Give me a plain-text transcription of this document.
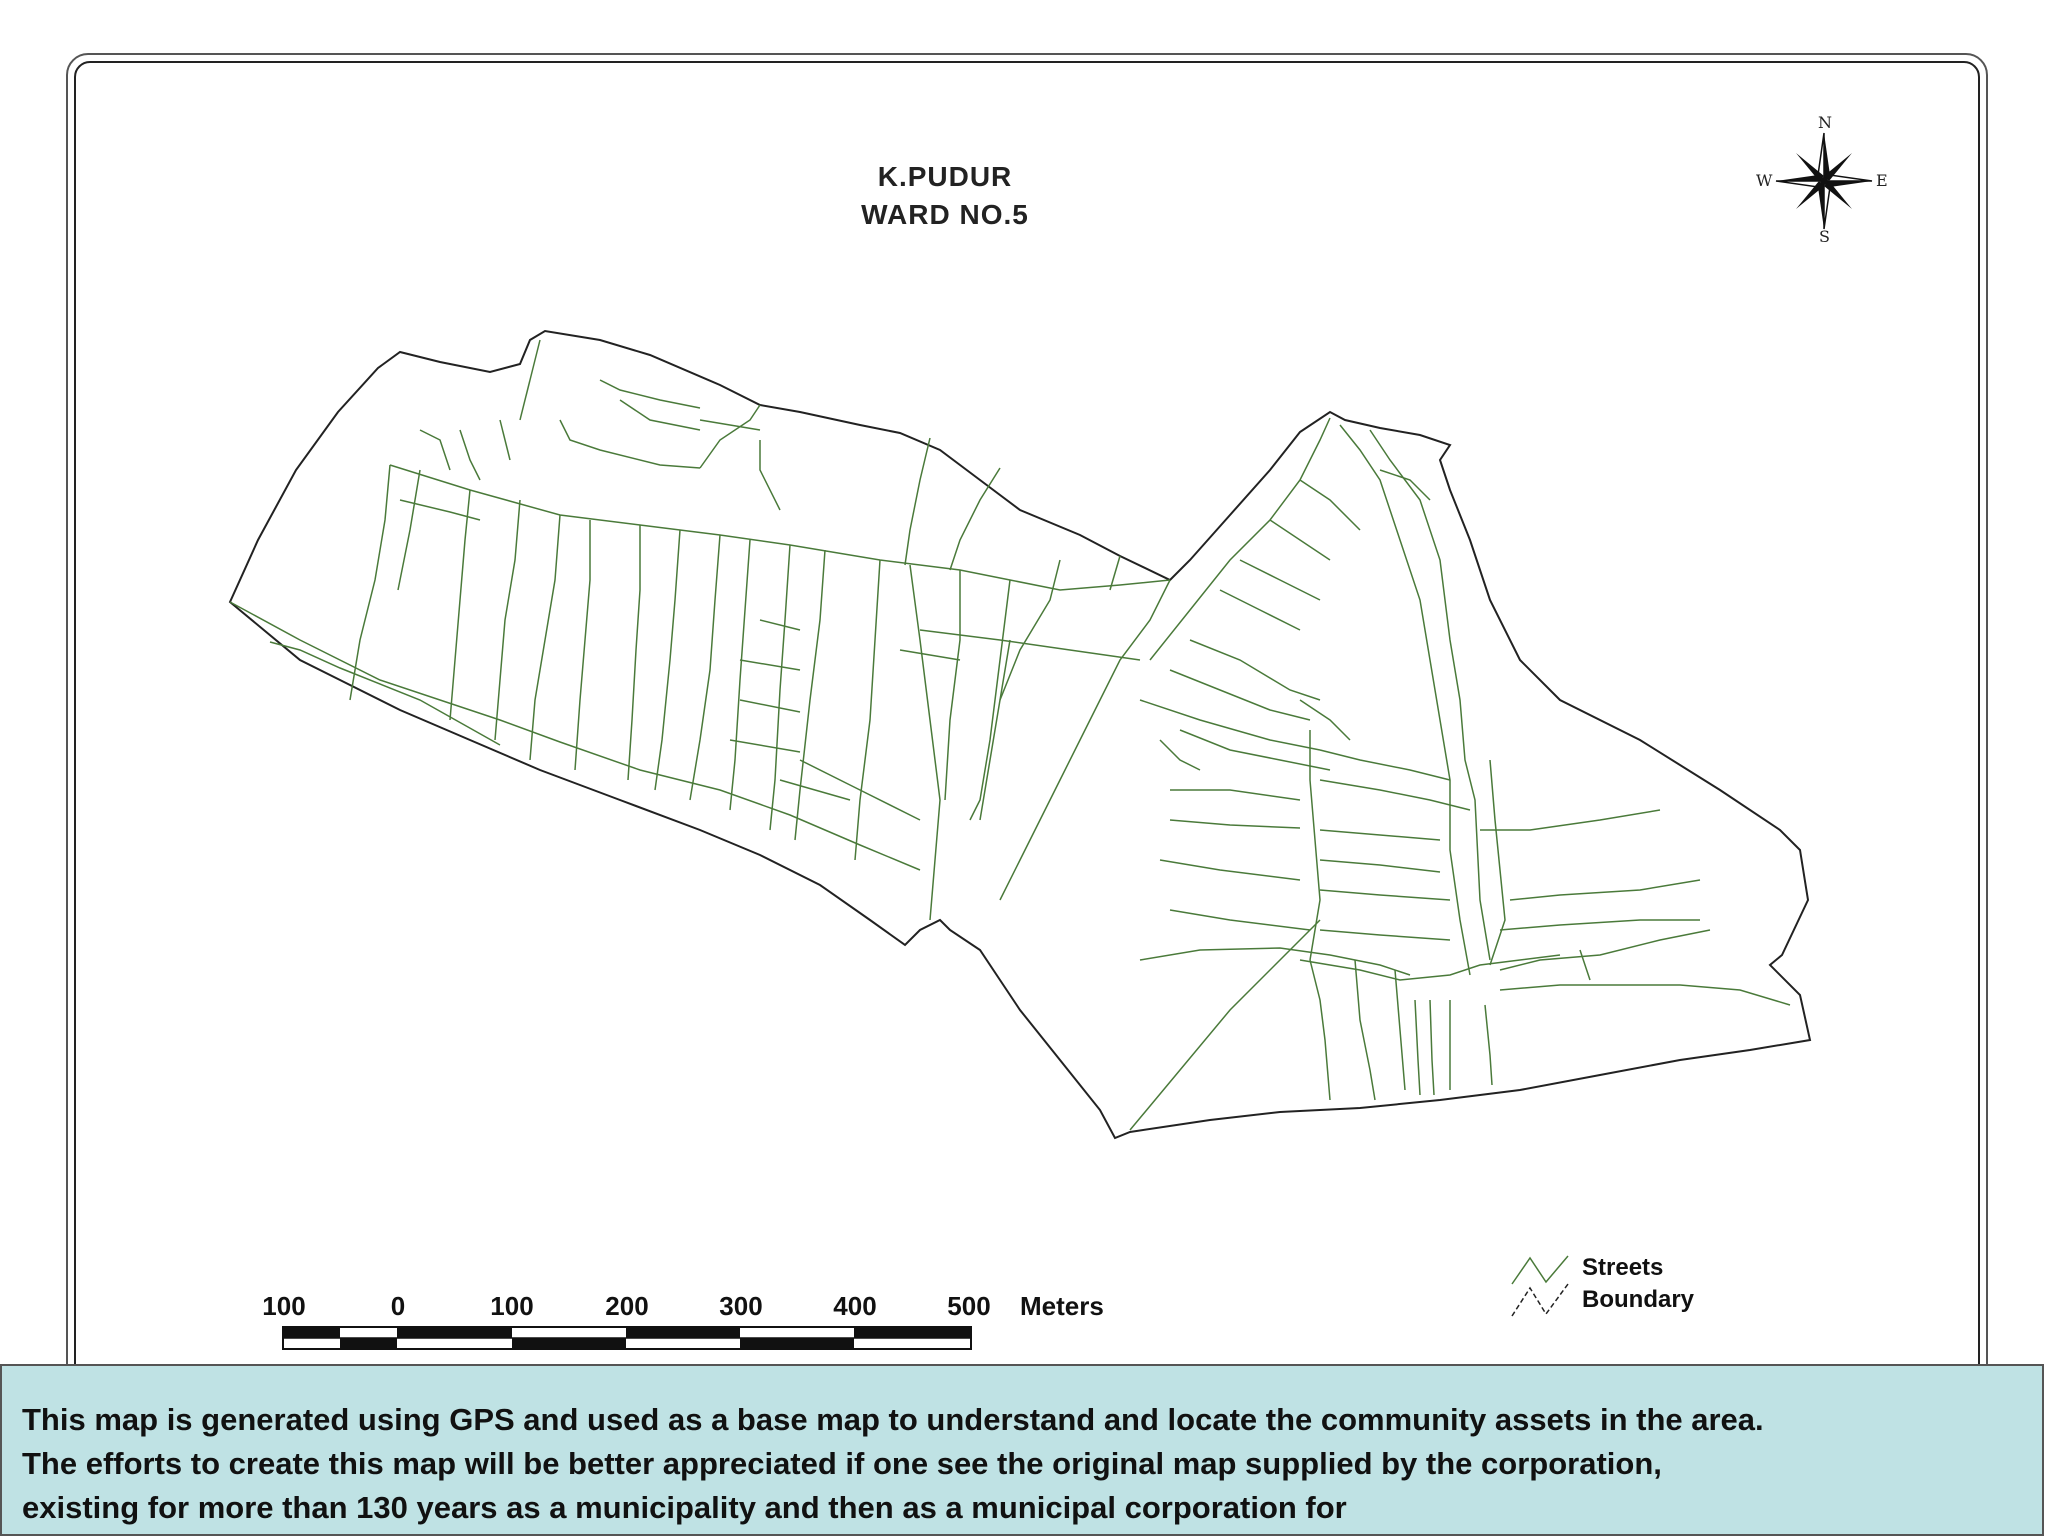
K.PUDUR
WARD NO.5
N
S
E
W
100	0	100	200	300	400	500 Meters
Streets
Boundary

This map is generated using GPS and used as a base map to understand and locate the community assets in the area. The efforts to create this map will be better appreciated if one see the original map supplied by the corporation, existing for more than 130 years as a municipality and then as a municipal corporation for
